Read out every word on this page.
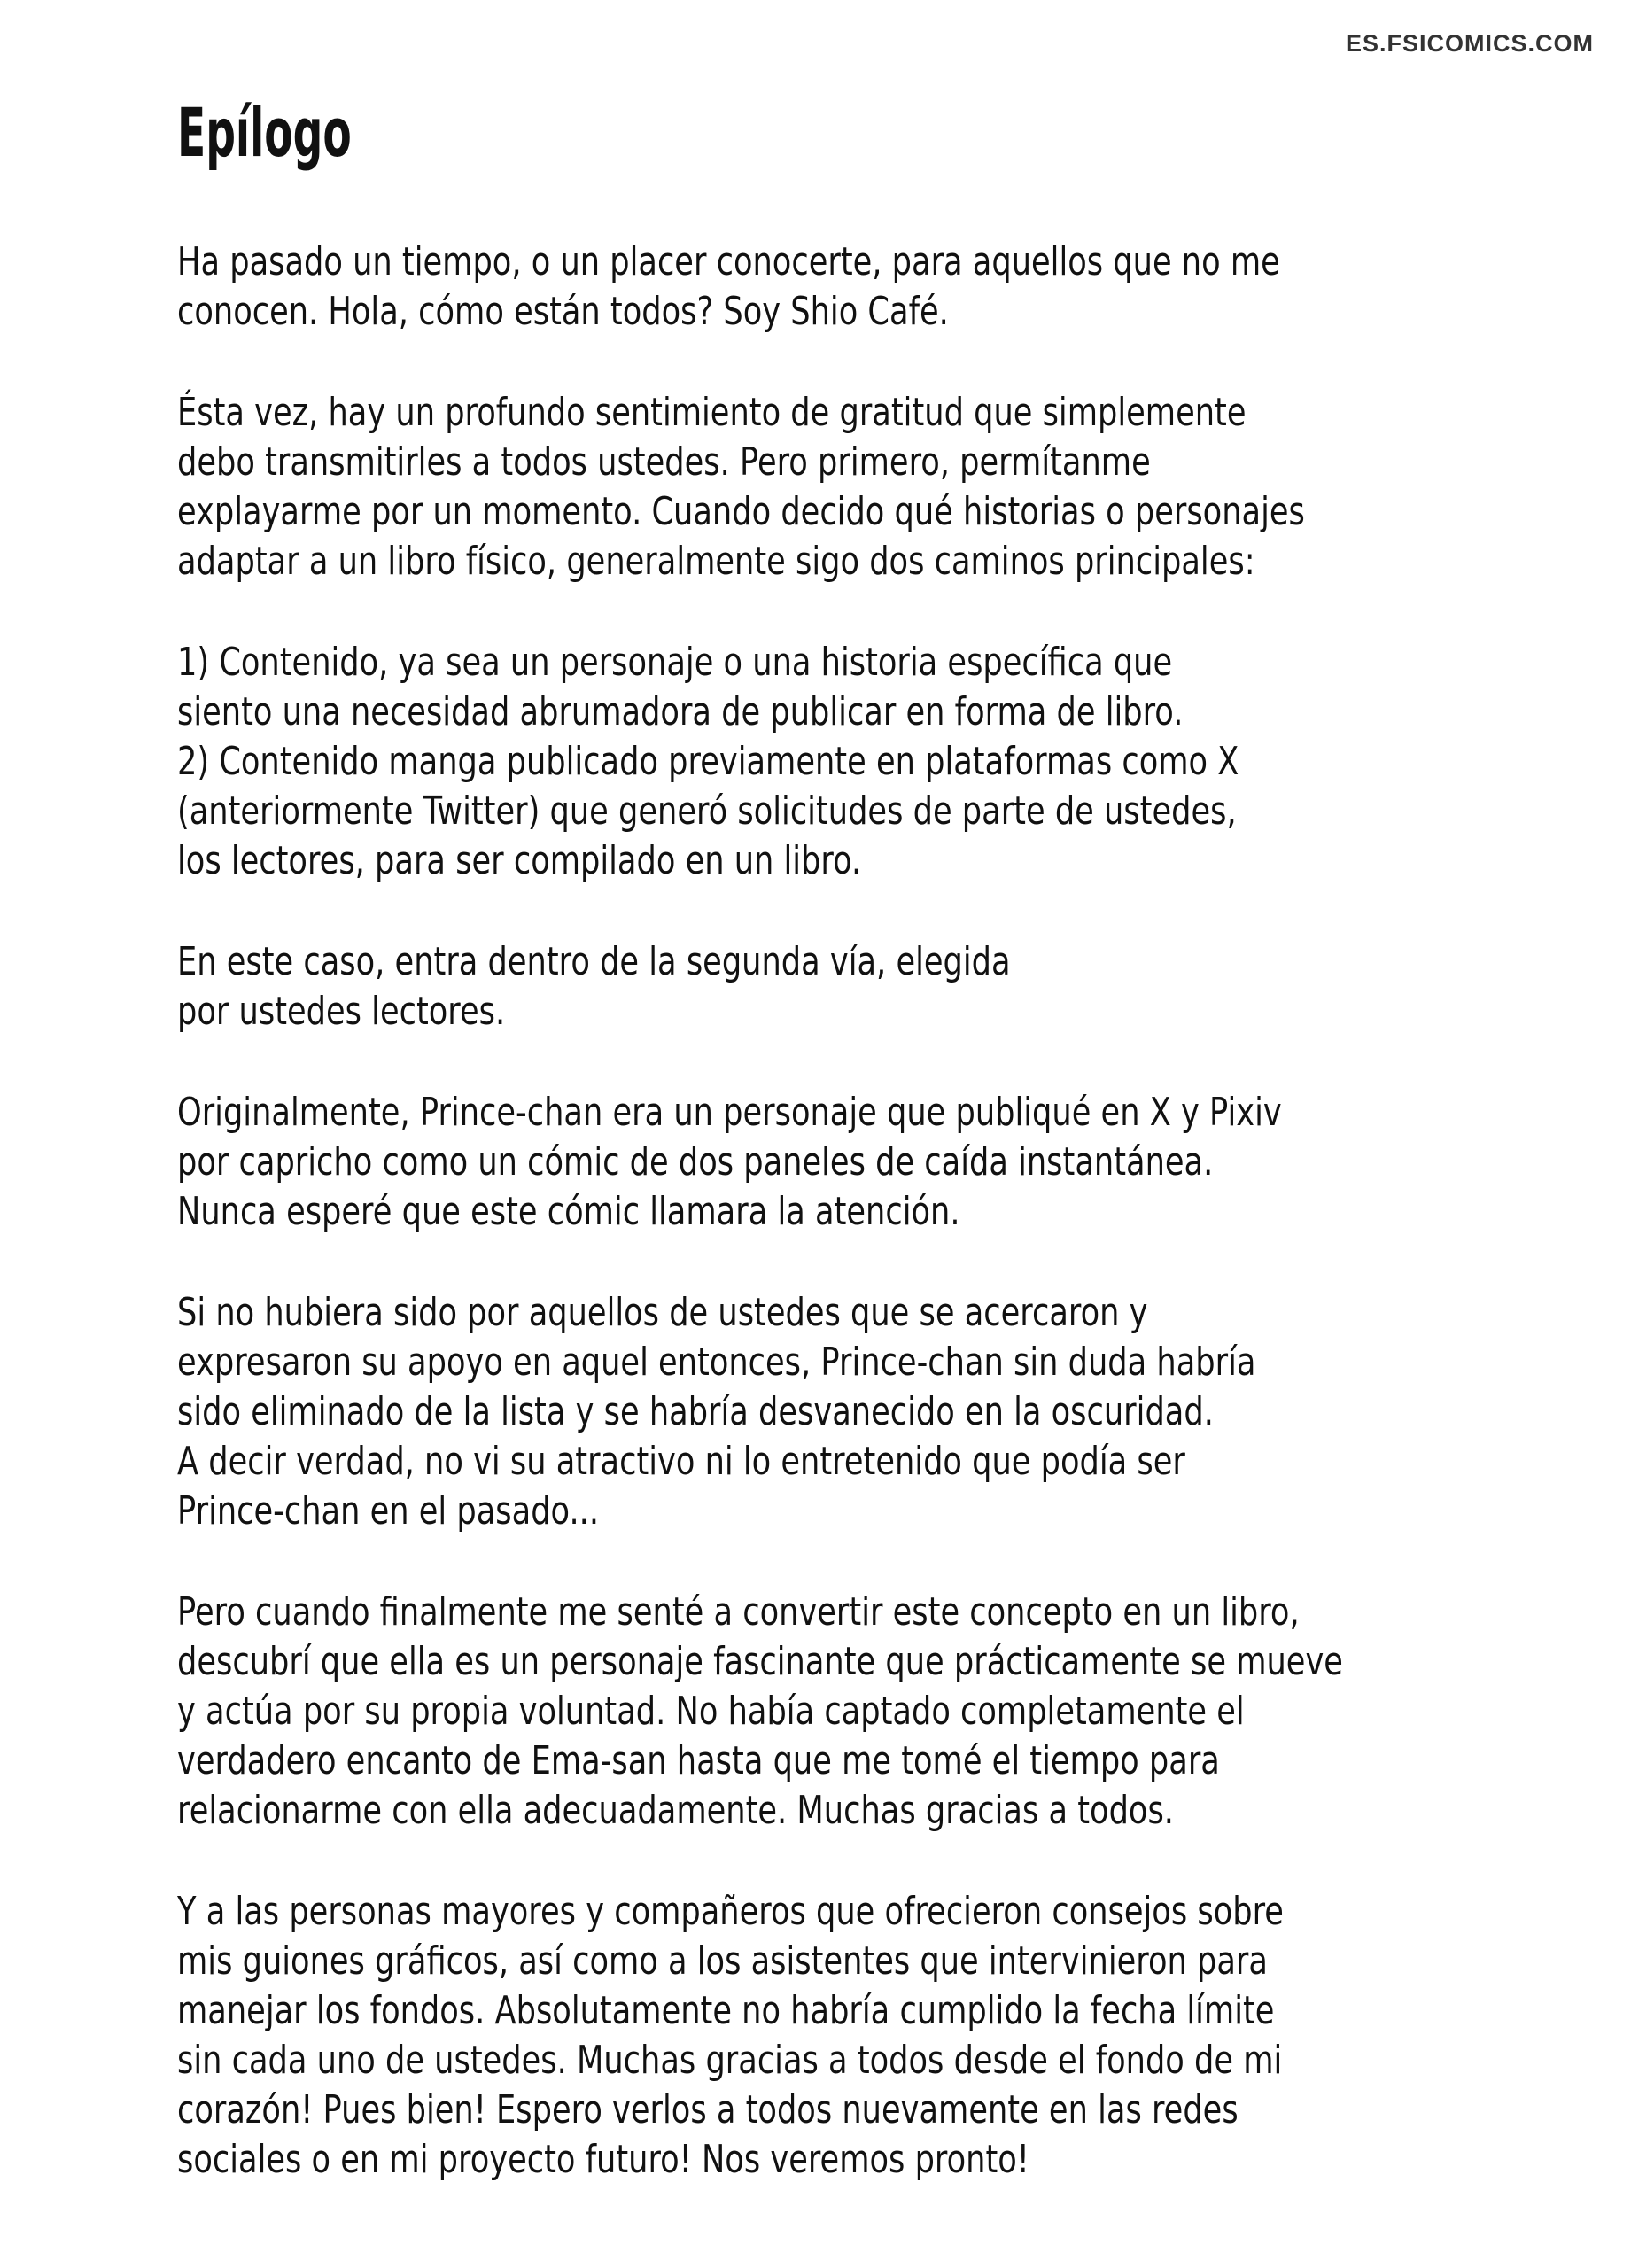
ES.FSICOMICS.COM
Epílogo
Ha pasado un tiempo, o un placer conocerte, para aquellos que no me
conocen. Hola, cómo están todos? Soy Shio Café.
Ésta vez, hay un profundo sentimiento de gratitud que simplemente
debo transmitirles a todos ustedes. Pero primero, permítanme
explayarme por un momento. Cuando decido qué historias o personajes
adaptar a un libro físico, generalmente sigo dos caminos principales:
1) Contenido, ya sea un personaje o una historia específica que
siento una necesidad abrumadora de publicar en forma de libro.
2) Contenido manga publicado previamente en plataformas como X
(anteriormente Twitter) que generó solicitudes de parte de ustedes,
los lectores, para ser compilado en un libro.
En este caso, entra dentro de la segunda vía, elegida
por ustedes lectores.
Originalmente, Prince-chan era un personaje que publiqué en X y Pixiv
por capricho como un cómic de dos paneles de caída instantánea.
Nunca esperé que este cómic llamara la atención.
Si no hubiera sido por aquellos de ustedes que se acercaron y
expresaron su apoyo en aquel entonces, Prince-chan sin duda habría
sido eliminado de la lista y se habría desvanecido en la oscuridad.
A decir verdad, no vi su atractivo ni lo entretenido que podía ser
Prince-chan en el pasado...
Pero cuando finalmente me senté a convertir este concepto en un libro,
descubrí que ella es un personaje fascinante que prácticamente se mueve
y actúa por su propia voluntad. No había captado completamente el
verdadero encanto de Ema-san hasta que me tomé el tiempo para
relacionarme con ella adecuadamente. Muchas gracias a todos.
Y a las personas mayores y compañeros que ofrecieron consejos sobre
mis guiones gráficos, así como a los asistentes que intervinieron para
manejar los fondos. Absolutamente no habría cumplido la fecha límite
sin cada uno de ustedes. Muchas gracias a todos desde el fondo de mi
corazón! Pues bien! Espero verlos a todos nuevamente en las redes
sociales o en mi proyecto futuro! Nos veremos pronto!
